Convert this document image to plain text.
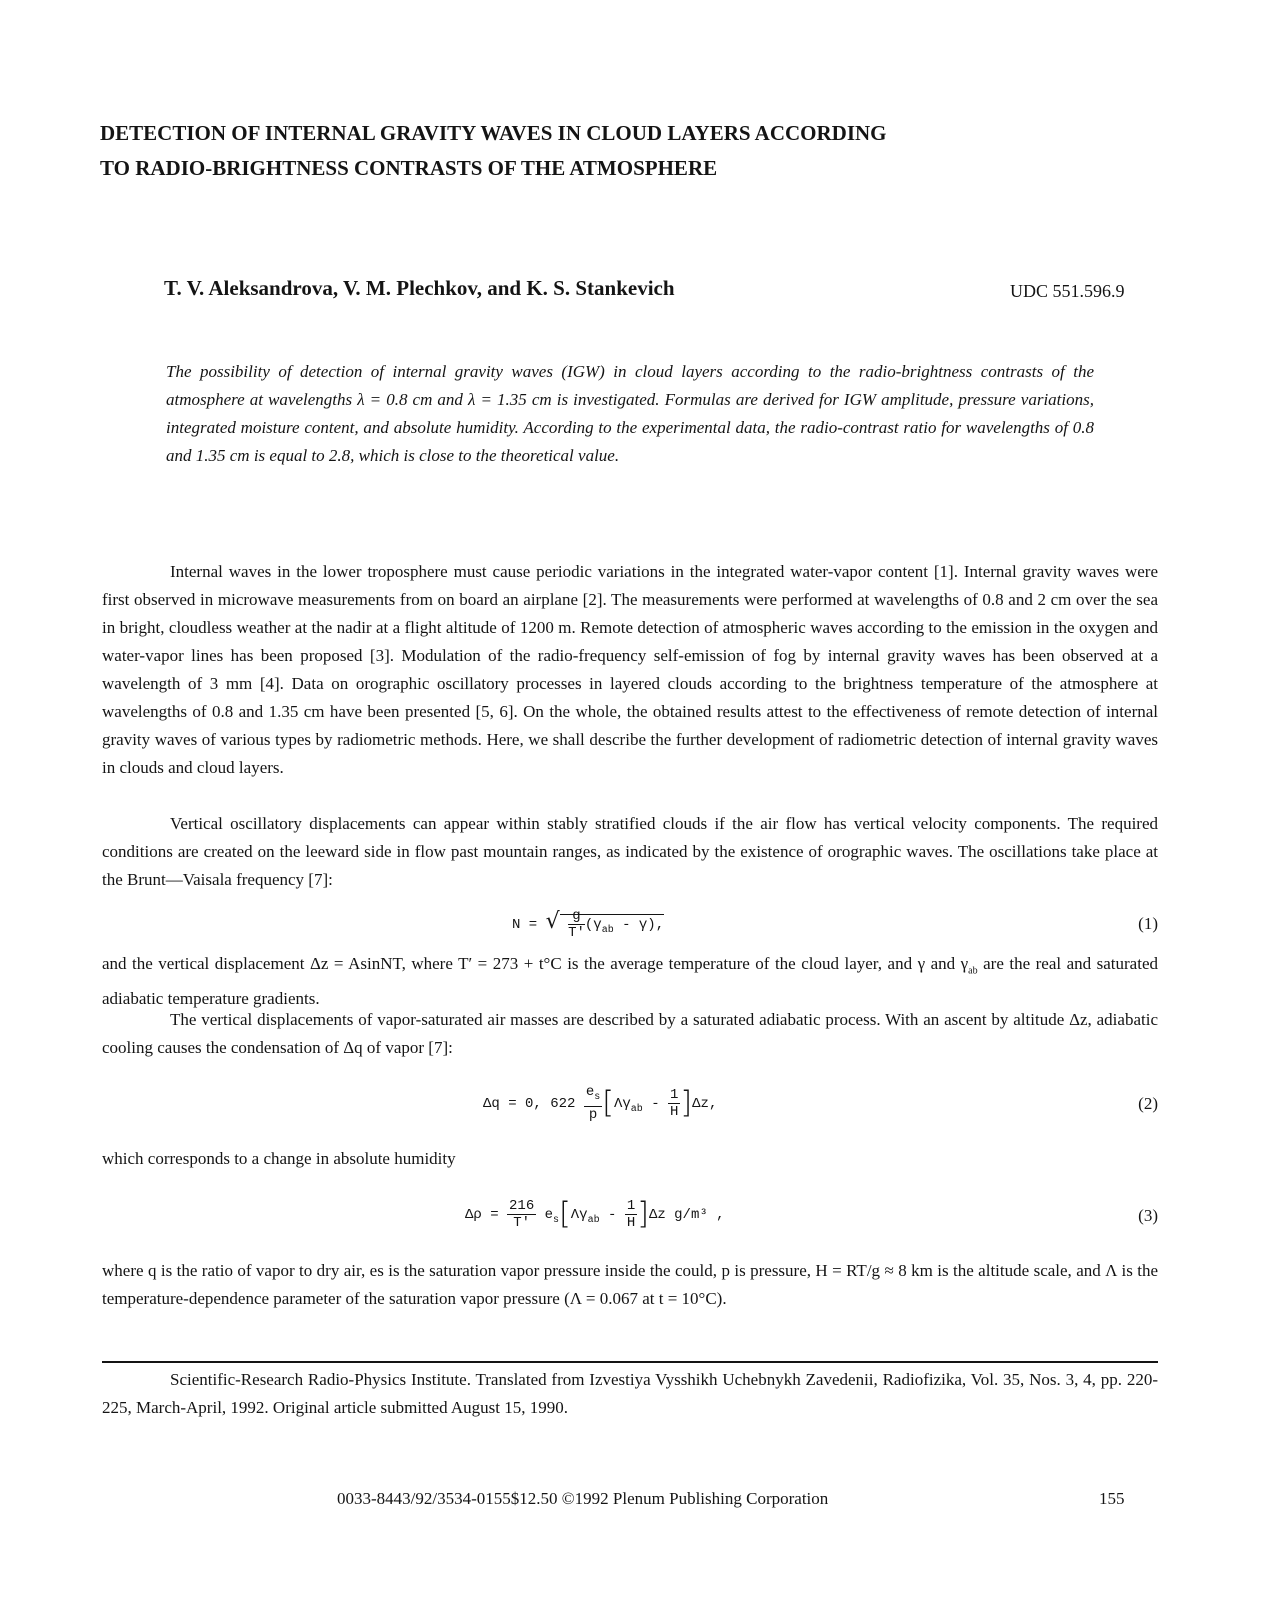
DETECTION OF INTERNAL GRAVITY WAVES IN CLOUD LAYERS ACCORDING TO RADIO-BRIGHTNESS CONTRASTS OF THE ATMOSPHERE
T. V. Aleksandrova, V. M. Plechkov, and K. S. Stankevich	UDC 551.596.9
The possibility of detection of internal gravity waves (IGW) in cloud layers according to the radio-brightness contrasts of the atmosphere at wavelengths λ = 0.8 cm and λ = 1.35 cm is investigated. Formulas are derived for IGW amplitude, pressure variations, integrated moisture content, and absolute humidity. According to the experimental data, the radio-contrast ratio for wavelengths of 0.8 and 1.35 cm is equal to 2.8, which is close to the theoretical value.
Internal waves in the lower troposphere must cause periodic variations in the integrated water-vapor content [1]. Internal gravity waves were first observed in microwave measurements from on board an airplane [2]. The measurements were performed at wavelengths of 0.8 and 2 cm over the sea in bright, cloudless weather at the nadir at a flight altitude of 1200 m. Remote detection of atmospheric waves according to the emission in the oxygen and water-vapor lines has been proposed [3]. Modulation of the radio-frequency self-emission of fog by internal gravity waves has been observed at a wavelength of 3 mm [4]. Data on orographic oscillatory processes in layered clouds according to the brightness temperature of the atmosphere at wavelengths of 0.8 and 1.35 cm have been presented [5, 6]. On the whole, the obtained results attest to the effectiveness of remote detection of internal gravity waves of various types by radiometric methods. Here, we shall describe the further development of radiometric detection of internal gravity waves in clouds and cloud layers.
Vertical oscillatory displacements can appear within stably stratified clouds if the air flow has vertical velocity components. The required conditions are created on the leeward side in flow past mountain ranges, as indicated by the existence of orographic waves. The oscillations take place at the Brunt—Vaisala frequency [7]:
N = √ $\frac{g}{T'} (\gamma_{ab} - \gamma)$,	(1)
and the vertical displacement Δz = AsinNT, where T′ = 273 + t°C is the average temperature of the cloud layer, and γ and $\gamma_{ab}$ are the real and saturated adiabatic temperature gradients.
The vertical displacements of vapor-saturated air masses are described by a saturated adiabatic process. With an ascent by altitude Δz, adiabatic cooling causes the condensation of Δq of vapor [7]:
Δq = 0, $622 \frac{e_s}{p} [\Lambda\gamma_{ab} - \frac{1}{H} ]\Delta z$,	(2)
which corresponds to a change in absolute humidity
$\Delta\rho = \frac{216}{T'} e_s[\Lambda\gamma_{ab} - \frac{1}{H} ]\Delta z$ g/m³ ,	(3)
where q is the ratio of vapor to dry air, es is the saturation vapor pressure inside the could, p is pressure, H = RT/g ≈ 8 km is the altitude scale, and Λ is the temperature-dependence parameter of the saturation vapor pressure (Λ = 0.067 at t = 10°C).
Scientific-Research Radio-Physics Institute. Translated from Izvestiya Vysshikh Uchebnykh Zavedenii, Radiofizika, Vol. 35, Nos. 3, 4, pp. 220-225, March-April, 1992. Original article submitted August 15, 1990.
0033-8443/92/3534-0155$12.50 ©1992 Plenum Publishing Corporation	155
